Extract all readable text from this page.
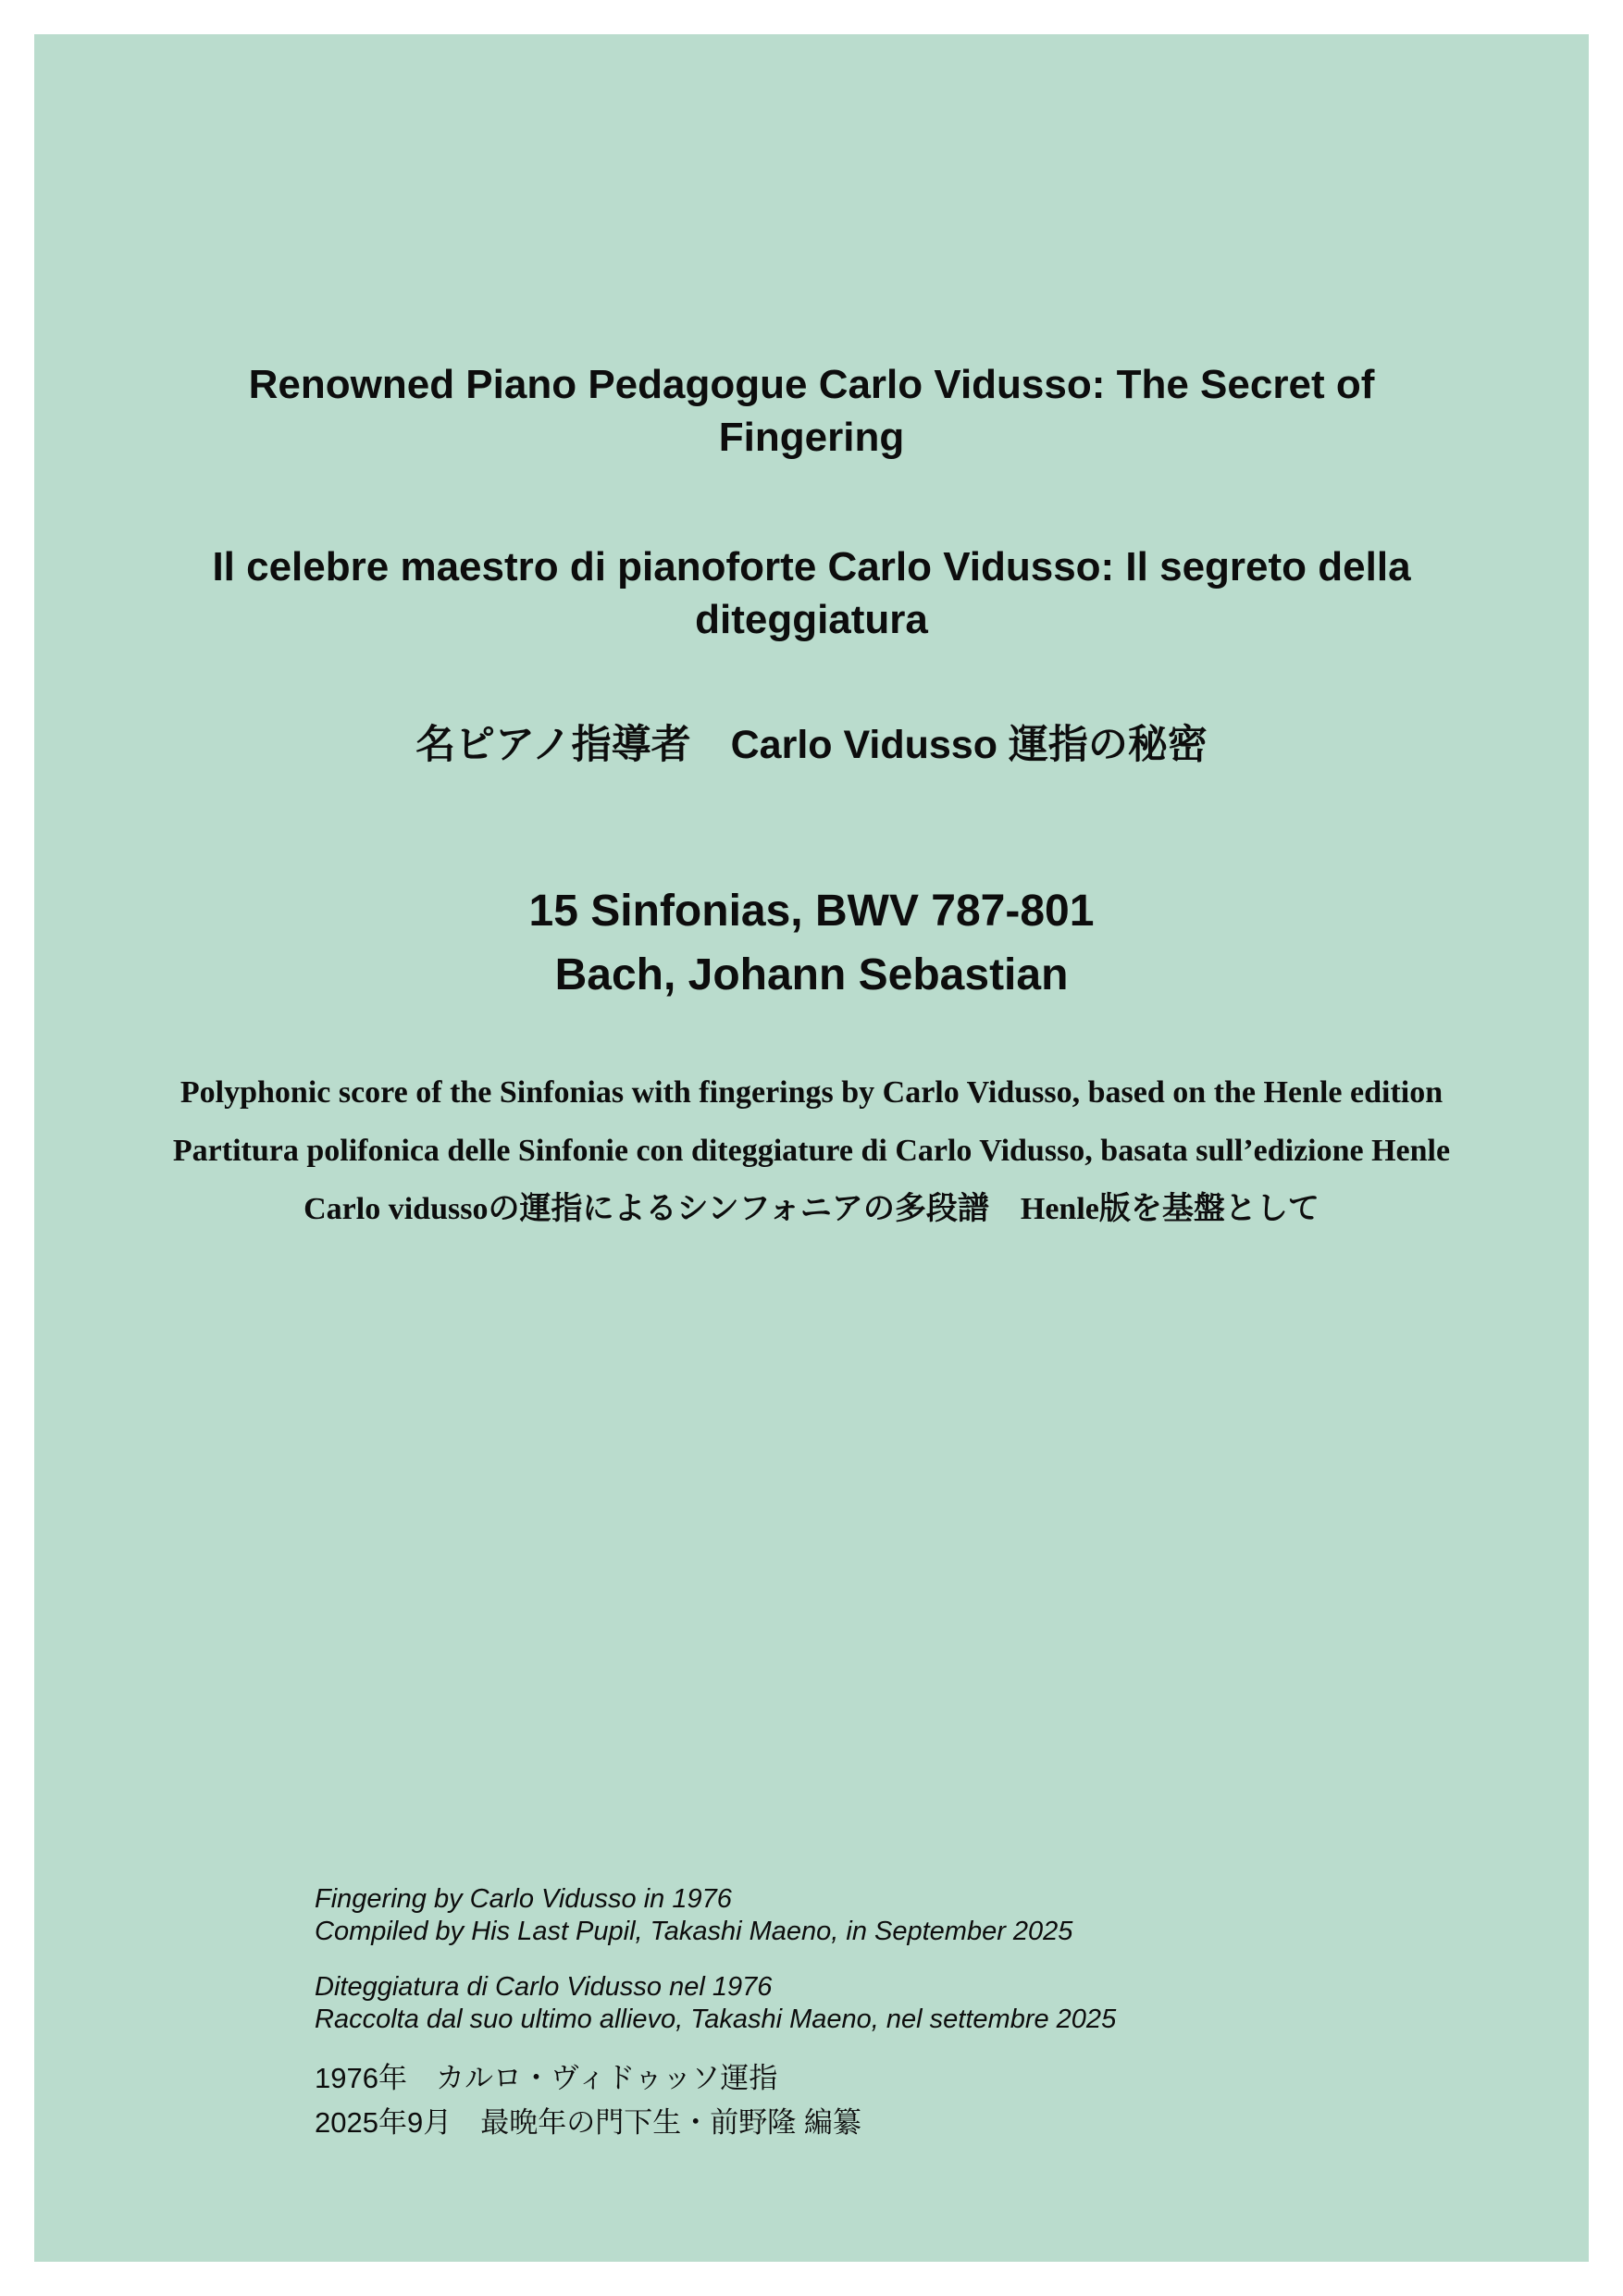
Renowned Piano Pedagogue Carlo Vidusso: The Secret of
Fingering
Il celebre maestro di pianoforte Carlo Vidusso: Il segreto della
diteggiatura
名ピアノ指導者　Carlo Vidusso 運指の秘密
15 Sinfonias, BWV 787-801
Bach, Johann Sebastian
Polyphonic score of the Sinfonias with fingerings by Carlo Vidusso, based on the Henle edition
Partitura polifonica delle Sinfonie con diteggiature di Carlo Vidusso, basata sull’edizione Henle
Carlo vidussoの運指によるシンフォニアの多段譜　Henle版を基盤として
Fingering by Carlo Vidusso in 1976
Compiled by His Last Pupil, Takashi Maeno, in September 2025
Diteggiatura di Carlo Vidusso nel 1976
Raccolta dal suo ultimo allievo, Takashi Maeno, nel settembre 2025
1976年　カルロ・ヴィドゥッソ運指
2025年9月　最晩年の門下生・前野隆 編纂
